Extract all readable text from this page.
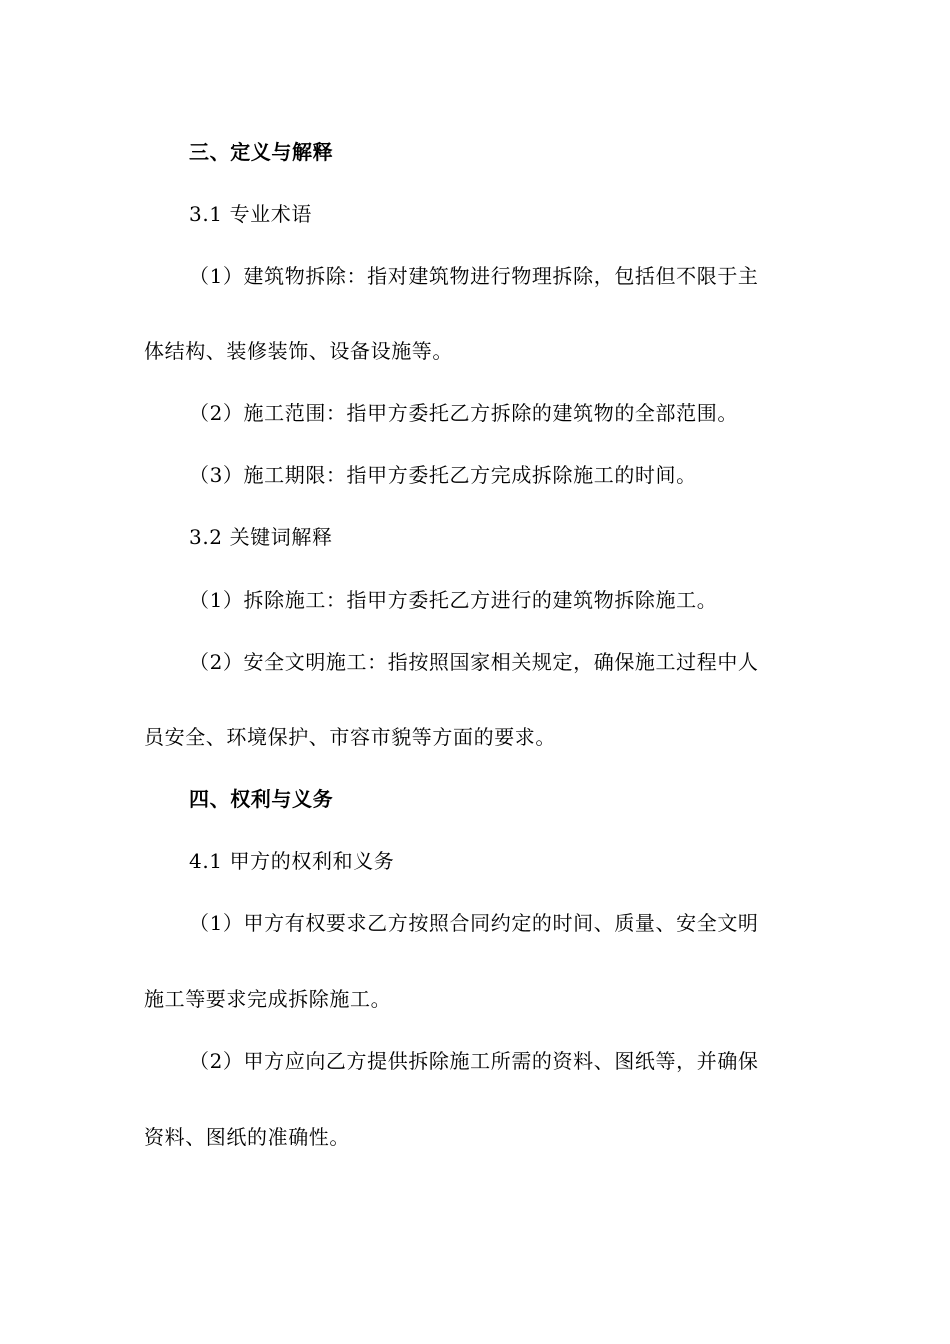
三、定义与解释
3.1 专业术语
（1）建筑物拆除：指对建筑物进行物理拆除，包括但不限于主
体结构、装修装饰、设备设施等。
（2）施工范围：指甲方委托乙方拆除的建筑物的全部范围。
（3）施工期限：指甲方委托乙方完成拆除施工的时间。
3.2 关键词解释
（1）拆除施工：指甲方委托乙方进行的建筑物拆除施工。
（2）安全文明施工：指按照国家相关规定，确保施工过程中人
员安全、环境保护、市容市貌等方面的要求。
四、权利与义务
4.1 甲方的权利和义务
（1）甲方有权要求乙方按照合同约定的时间、质量、安全文明
施工等要求完成拆除施工。
（2）甲方应向乙方提供拆除施工所需的资料、图纸等，并确保
资料、图纸的准确性。
